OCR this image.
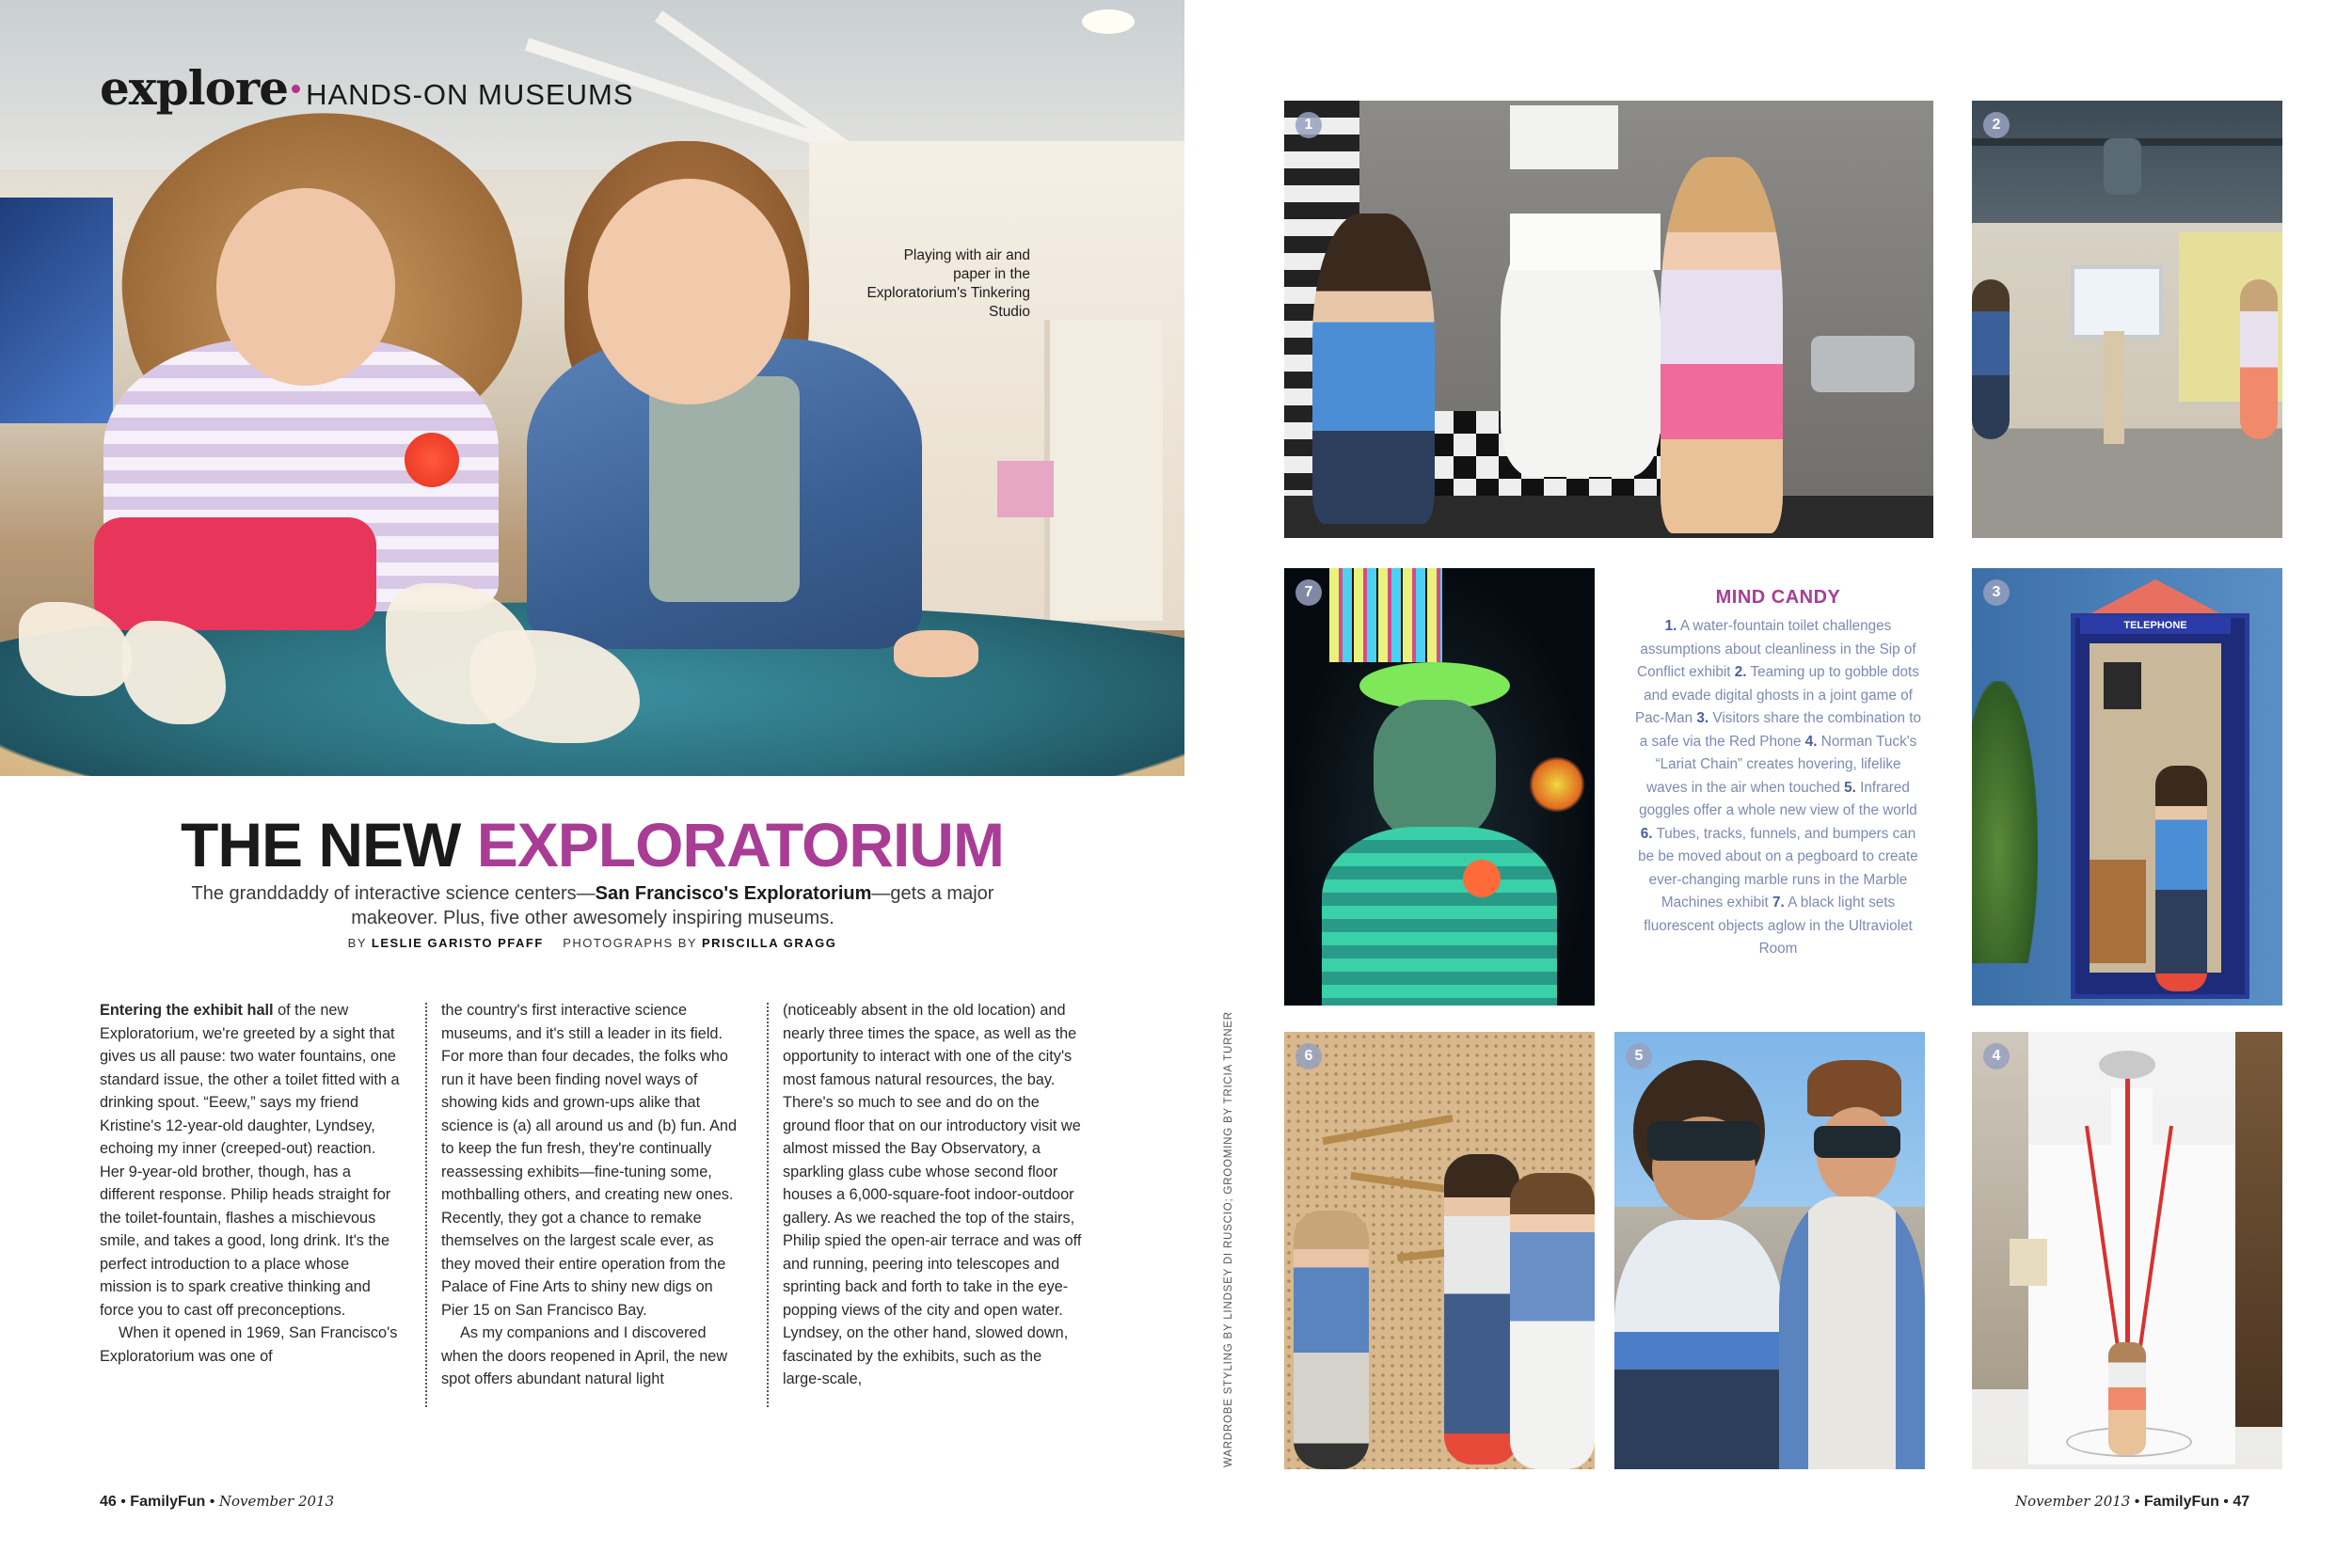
Playing with air and paper in the Exploratorium's Tinkering Studio
explore HANDS-ON MUSEUMS
THE NEW EXPLORATORIUM
The granddaddy of interactive science centers—San Francisco's Exploratorium—gets a major makeover. Plus, five other awesomely inspiring museums.
BY LESLIE GARISTO PFAFF PHOTOGRAPHS BY PRISCILLA GRAGG

Entering the exhibit hall of the new Exploratorium, we're greeted by a sight that gives us all pause: two water fountains, one standard issue, the other a toilet fitted with a drinking spout. “Eeew,” says my friend Kristine's 12-year-old daughter, Lyndsey, echoing my inner (creeped-out) reaction. Her 9-year-old brother, though, has a different response. Philip heads straight for the toilet-fountain, flashes a mischievous smile, and takes a good, long drink. It's the perfect introduction to a place whose mission is to spark creative thinking and force you to cast off preconceptions.

When it opened in 1969, San Francisco's Exploratorium was one of

the country's first interactive science museums, and it's still a leader in its field. For more than four decades, the folks who run it have been finding novel ways of showing kids and grown-ups alike that science is (a) all around us and (b) fun. And to keep the fun fresh, they're continually reassessing exhibits—fine-tuning some, mothballing others, and creating new ones. Recently, they got a chance to remake themselves on the largest scale ever, as they moved their entire operation from the Palace of Fine Arts to shiny new digs on Pier 15 on San Francisco Bay.

As my companions and I discovered when the doors reopened in April, the new spot offers abundant natural light

(noticeably absent in the old location) and nearly three times the space, as well as the opportunity to interact with one of the city's most famous natural resources, the bay. There's so much to see and do on the ground floor that on our introductory visit we almost missed the Bay Observatory, a sparkling glass cube whose second floor houses a 6,000-square-foot indoor-outdoor gallery. As we reached the top of the stairs, Philip spied the open-air terrace and was off and running, peering into telescopes and sprinting back and forth to take in the eye-popping views of the city and open water. Lyndsey, on the other hand, slowed down, fascinated by the exhibits, such as the large-scale,

46 • FamilyFun • November 2013
WARDROBE STYLING BY LINDSEY DI RUSCIO; GROOMING BY TRICIA TURNER
1	2
7	MIND CANDY
1. A water-fountain toilet challenges assumptions about cleanliness in the Sip of Conflict exhibit 2. Teaming up to gobble dots and evade digital ghosts in a joint game of Pac-Man 3. Visitors share the combination to a safe via the Red Phone 4. Norman Tuck's “Lariat Chain” creates hovering, lifelike waves in the air when touched 5. Infrared goggles offer a whole new view of the world 6. Tubes, tracks, funnels, and bumpers can be be moved about on a pegboard to create ever-changing marble runs in the Marble Machines exhibit 7. A black light sets fluorescent objects aglow in the Ultraviolet Room
TELEPHONE
3
6	5	4
November 2013 • FamilyFun • 47
